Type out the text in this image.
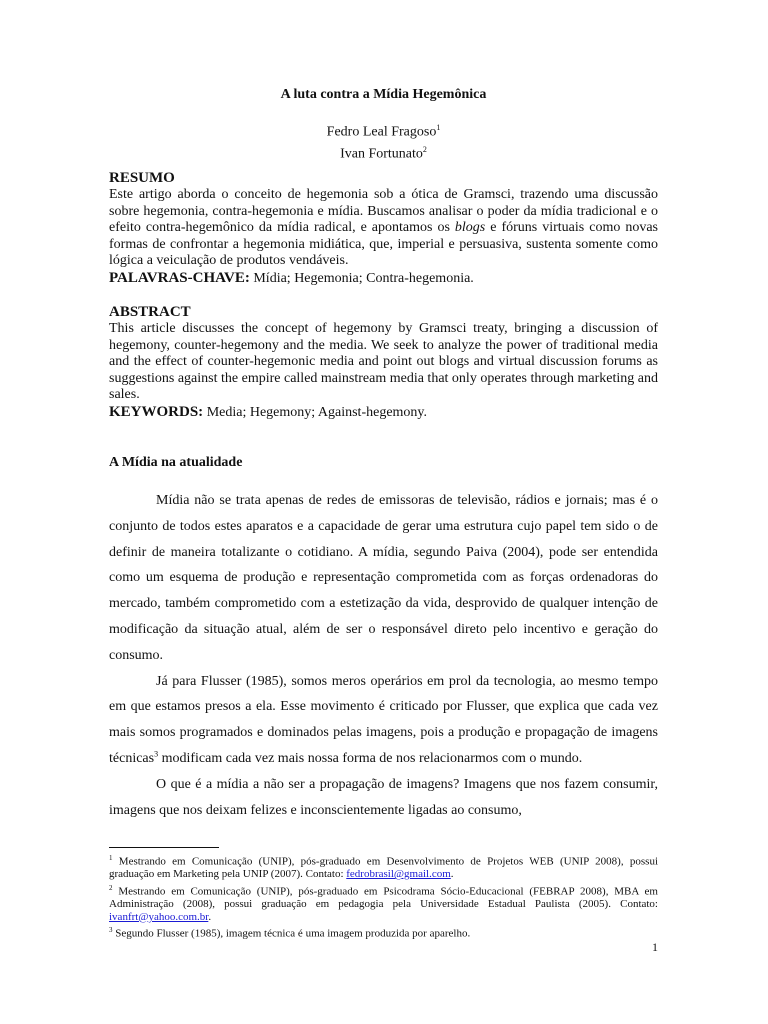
A luta contra a Mídia Hegemônica
Fedro Leal Fragoso$^1$
Ivan Fortunato$^2$
RESUMO

Este artigo aborda o conceito de hegemonia sob a ótica de Gramsci, trazendo uma discussão sobre hegemonia, contra-hegemonia e mídia. Buscamos analisar o poder da mídia tradicional e o efeito contra-hegemônico da mídia radical, e apontamos os blogs e fóruns virtuais como novas formas de confrontar a hegemonia midiática, que, imperial e persuasiva, sustenta somente como lógica a veiculação de produtos vendáveis.

PALAVRAS-CHAVE: Mídia; Hegemonia; Contra-hegemonia.

ABSTRACT

This article discusses the concept of hegemony by Gramsci treaty, bringing a discussion of hegemony, counter-hegemony and the media. We seek to analyze the power of traditional media and the effect of counter-hegemonic media and point out blogs and virtual discussion forums as suggestions against the empire called mainstream media that only operates through marketing and sales.

KEYWORDS: Media; Hegemony; Against-hegemony.

A Mídia na atualidade

Mídia não se trata apenas de redes de emissoras de televisão, rádios e jornais; mas é o conjunto de todos estes aparatos e a capacidade de gerar uma estrutura cujo papel tem sido o de definir de maneira totalizante o cotidiano. A mídia, segundo Paiva (2004), pode ser entendida como um esquema de produção e representação comprometida com as forças ordenadoras do mercado, também comprometido com a estetização da vida, desprovido de qualquer intenção de modificação da situação atual, além de ser o responsável direto pelo incentivo e geração do consumo.

Já para Flusser (1985), somos meros operários em prol da tecnologia, ao mesmo tempo em que estamos presos a ela. Esse movimento é criticado por Flusser, que explica que cada vez mais somos programados e dominados pelas imagens, pois a produção e propagação de imagens técnicas$^3$ modificam cada vez mais nossa forma de nos relacionarmos com o mundo.

O que é a mídia a não ser a propagação de imagens? Imagens que nos fazem consumir, imagens que nos deixam felizes e inconscientemente ligadas ao consumo,

$^1$ Mestrando em Comunicação (UNIP), pós-graduado em Desenvolvimento de Projetos WEB (UNIP 2008), possui graduação em Marketing pela UNIP (2007). Contato: fedrobrasil@gmail.com.

$^2$ Mestrando em Comunicação (UNIP), pós-graduado em Psicodrama Sócio-Educacional (FEBRAP 2008), MBA em Administração (2008), possui graduação em pedagogia pela Universidade Estadual Paulista (2005). Contato: ivanfrt@yahoo.com.br.

$^3$ Segundo Flusser (1985), imagem técnica é uma imagem produzida por aparelho.

1
